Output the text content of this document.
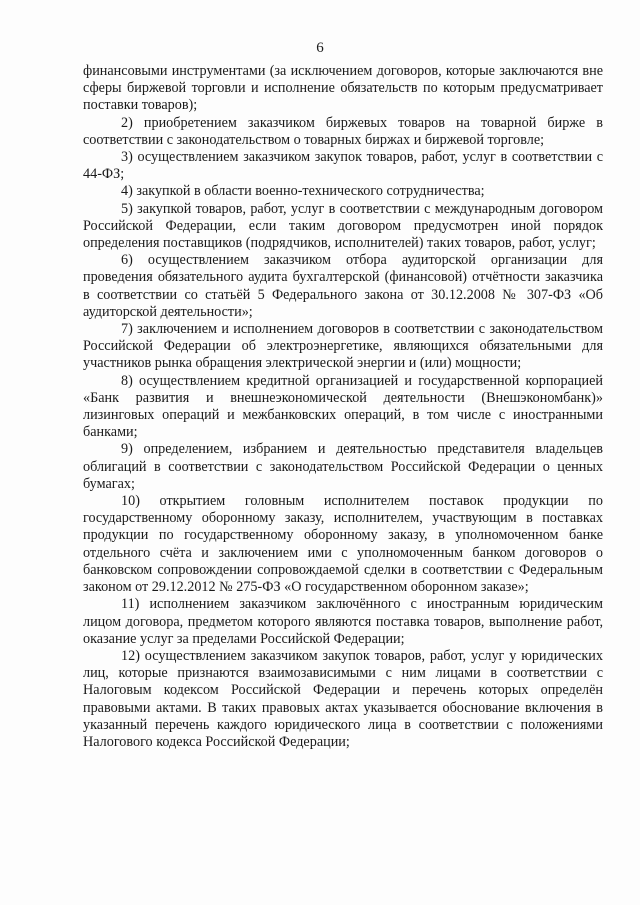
6

финансовыми инструментами (за исключением договоров, которые заключаются вне сферы биржевой торговли и исполнение обязательств по которым предусматривает поставки товаров);

2) приобретением заказчиком биржевых товаров на товарной бирже в соответствии с законодательством о товарных биржах и биржевой торговле;

3) осуществлением заказчиком закупок товаров, работ, услуг в соответствии с 44-ФЗ;

4) закупкой в области военно-технического сотрудничества;

5) закупкой товаров, работ, услуг в соответствии с международным договором Российской Федерации, если таким договором предусмотрен иной порядок определения поставщиков (подрядчиков, исполнителей) таких товаров, работ, услуг;

6) осуществлением заказчиком отбора аудиторской организации для проведения обязательного аудита бухгалтерской (финансовой) отчётности заказчика в соответствии со статьёй 5 Федерального закона от 30.12.2008 № 307-ФЗ «Об аудиторской деятельности»;

7) заключением и исполнением договоров в соответствии с законодательством Российской Федерации об электроэнергетике, являющихся обязательными для участников рынка обращения электрической энергии и (или) мощности;

8) осуществлением кредитной организацией и государственной корпорацией «Банк развития и внешнеэкономической деятельности (Внешэкономбанк)» лизинговых операций и межбанковских операций, в том числе с иностранными банками;

9) определением, избранием и деятельностью представителя владельцев облигаций в соответствии с законодательством Российской Федерации о ценных бумагах;

10) открытием головным исполнителем поставок продукции по государственному оборонному заказу, исполнителем, участвующим в поставках продукции по государственному оборонному заказу, в уполномоченном банке отдельного счёта и заключением ими с уполномоченным банком договоров о банковском сопровождении сопровождаемой сделки в соответствии с Федеральным законом от 29.12.2012 № 275-ФЗ «О государственном оборонном заказе»;

11) исполнением заказчиком заключённого с иностранным юридическим лицом договора, предметом которого являются поставка товаров, выполнение работ, оказание услуг за пределами Российской Федерации;

12) осуществлением заказчиком закупок товаров, работ, услуг у юридических лиц, которые признаются взаимозависимыми с ним лицами в соответствии с Налоговым кодексом Российской Федерации и перечень которых определён правовыми актами. В таких правовых актах указывается обоснование включения в указанный перечень каждого юридического лица в соответствии с положениями Налогового кодекса Российской Федерации;
